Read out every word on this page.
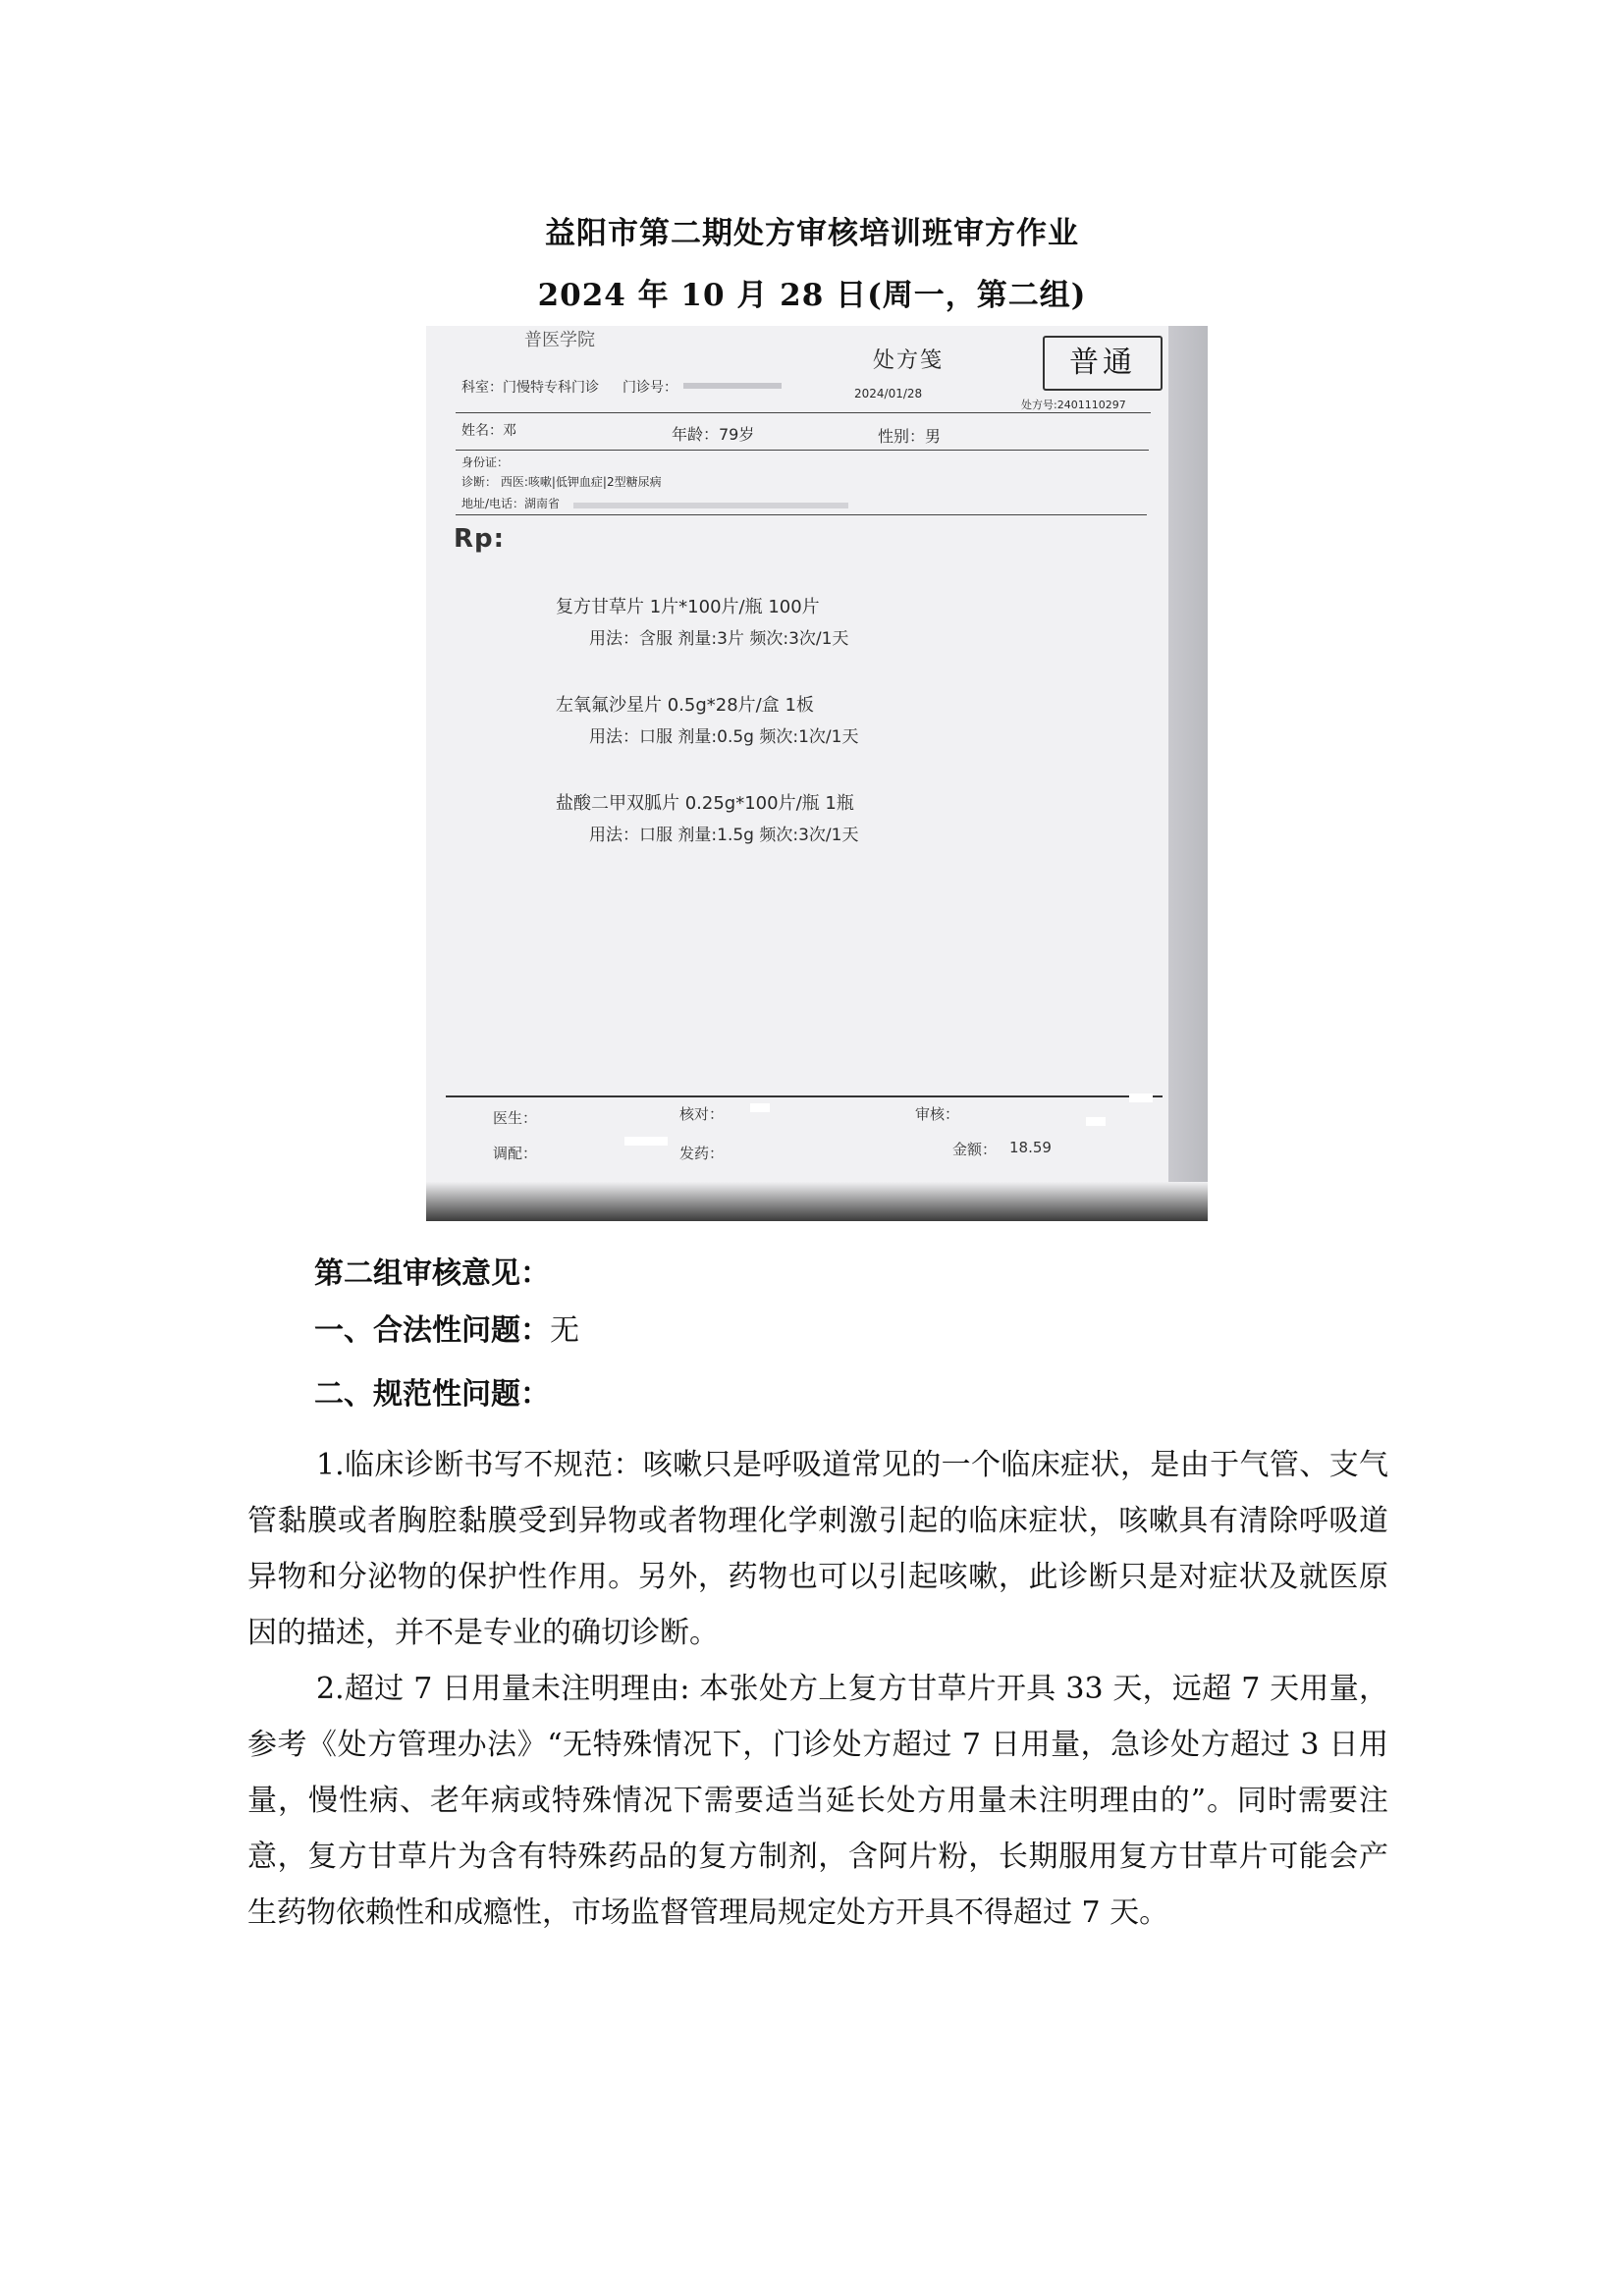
益阳市第二期处方审核培训班审方作业
2024 年 10 月 28 日(周一，第二组)
普医学院
处方笺	普通
科室：门慢特专科门诊 门诊号：	2024/01/28
处方号:2401110297
姓名：邓	年龄：79岁	性别：男
身份证：
诊断： 西医:咳嗽|低钾血症|2型糖尿病
地址/电话：湖南省
Rp:
复方甘草片 1片*100片/瓶 100片
用法：含服 剂量:3片 频次:3次/1天
左氧氟沙星片 0.5g*28片/盒 1板
用法：口服 剂量:0.5g 频次:1次/1天
盐酸二甲双胍片 0.25g*100片/瓶 1瓶
用法：口服 剂量:1.5g 频次:3次/1天
医生：	核对：	审核：
调配：	发药：	金额： 18.59
第二组审核意见：
一、合法性问题：无
二、规范性问题：
1.临床诊断书写不规范：咳嗽只是呼吸道常见的一个临床症状，是由于气管、支气管黏膜或者胸腔黏膜受到异物或者物理化学刺激引起的临床症状，咳嗽具有清除呼吸道异物和分泌物的保护性作用。另外，药物也可以引起咳嗽，此诊断只是对症状及就医原因的描述，并不是专业的确切诊断。
2.超过 7 日用量未注明理由: 本张处方上复方甘草片开具 33 天，远超 7 天用量，参考《处方管理办法》“无特殊情况下，门诊处方超过 7 日用量，急诊处方超过 3 日用量，慢性病、老年病或特殊情况下需要适当延长处方用量未注明理由的”。同时需要注意，复方甘草片为含有特殊药品的复方制剂，含阿片粉，长期服用复方甘草片可能会产生药物依赖性和成瘾性，市场监督管理局规定处方开具不得超过 7 天。
